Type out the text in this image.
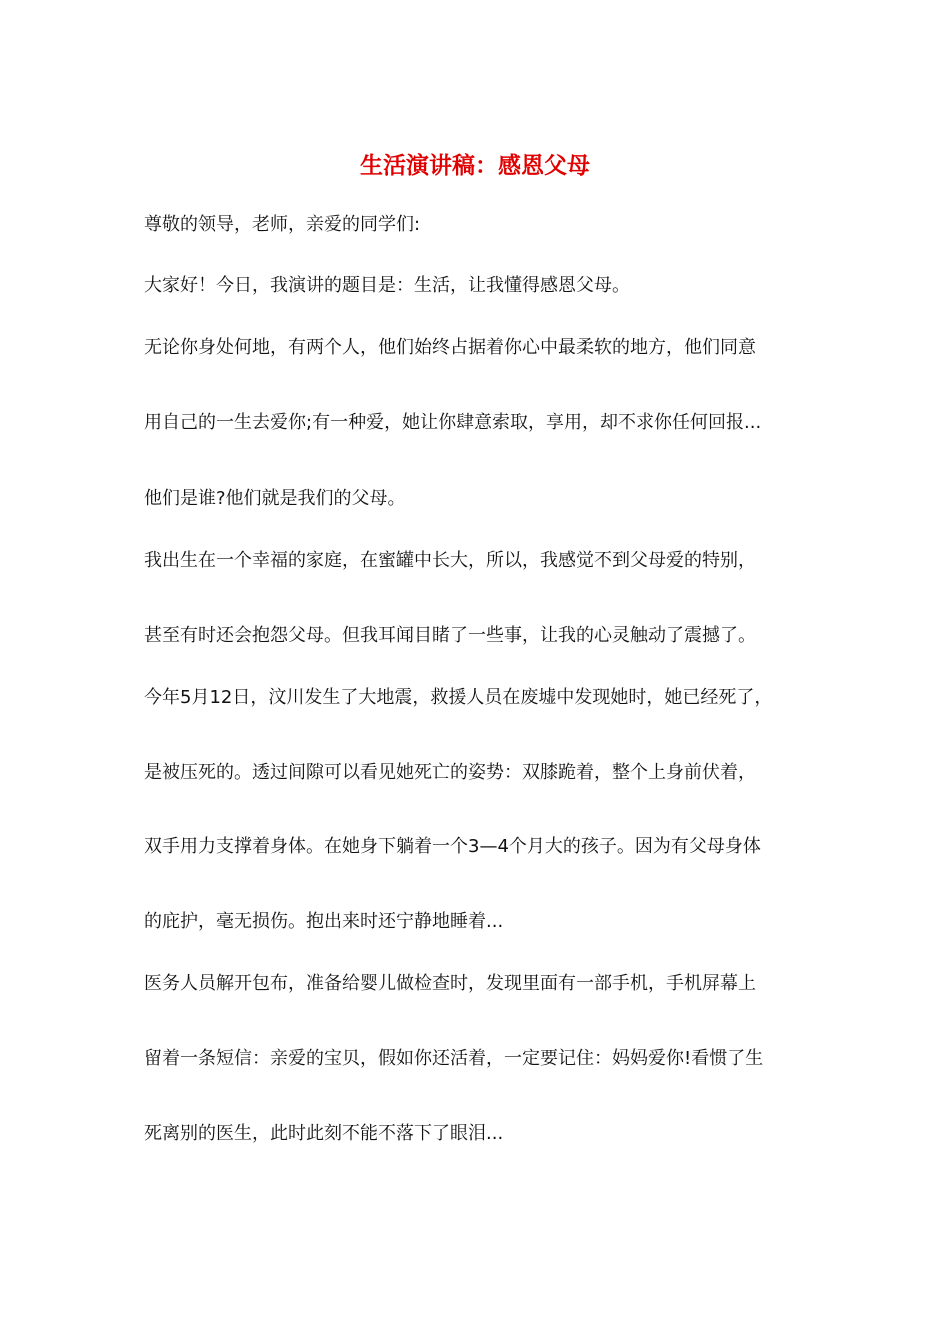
生活演讲稿：感恩父母
尊敬的领导，老师，亲爱的同学们:
大家好！今日，我演讲的题目是：生活，让我懂得感恩父母。
无论你身处何地，有两个人，他们始终占据着你心中最柔软的地方，他们同意
用自己的一生去爱你;有一种爱，她让你肆意索取，享用，却不求你任何回报...
他们是谁?他们就是我们的父母。
我出生在一个幸福的家庭，在蜜罐中长大，所以，我感觉不到父母爱的特别，
甚至有时还会抱怨父母。但我耳闻目睹了一些事，让我的心灵触动了震撼了。
今年5月12日，汶川发生了大地震，救援人员在废墟中发现她时，她已经死了，
是被压死的。透过间隙可以看见她死亡的姿势：双膝跪着，整个上身前伏着，
双手用力支撑着身体。在她身下躺着一个3—4个月大的孩子。因为有父母身体
的庇护，毫无损伤。抱出来时还宁静地睡着...
医务人员解开包布，准备给婴儿做检查时，发现里面有一部手机，手机屏幕上
留着一条短信：亲爱的宝贝，假如你还活着，一定要记住：妈妈爱你!看惯了生
死离别的医生，此时此刻不能不落下了眼泪...
